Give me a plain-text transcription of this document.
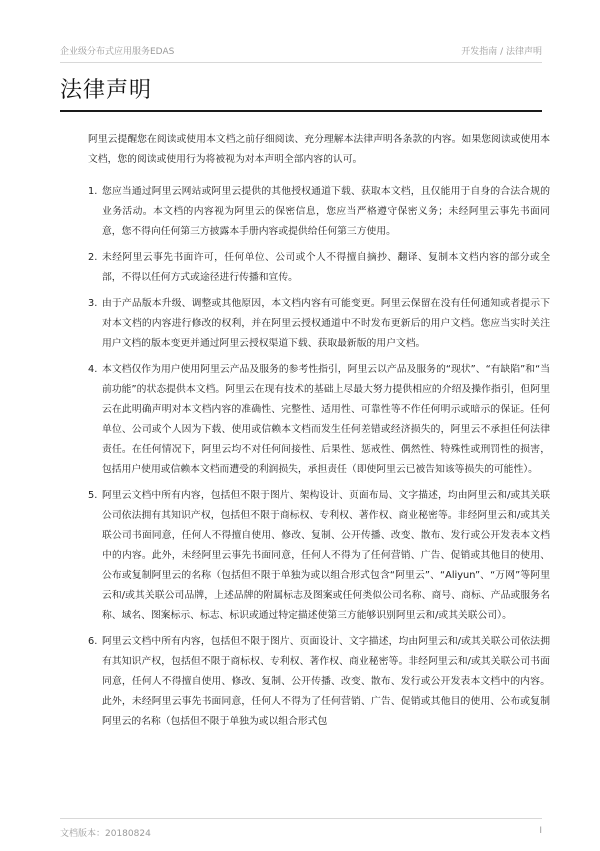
企业级分布式应用服务EDAS	开发指南 / 法律声明
法律声明

阿里云提醒您在阅读或使用本文档之前仔细阅读、充分理解本法律声明各条款的内容。如果您阅读或使用本文档，您的阅读或使用行为将被视为对本声明全部内容的认可。

1. 您应当通过阿里云网站或阿里云提供的其他授权通道下载、获取本文档，且仅能用于自身的合法合规的业务活动。本文档的内容视为阿里云的保密信息，您应当严格遵守保密义务；未经阿里云事先书面同意，您不得向任何第三方披露本手册内容或提供给任何第三方使用。
2. 未经阿里云事先书面许可，任何单位、公司或个人不得擅自摘抄、翻译、复制本文档内容的部分或全部，不得以任何方式或途径进行传播和宣传。
3. 由于产品版本升级、调整或其他原因，本文档内容有可能变更。阿里云保留在没有任何通知或者提示下对本文档的内容进行修改的权利，并在阿里云授权通道中不时发布更新后的用户文档。您应当实时关注用户文档的版本变更并通过阿里云授权渠道下载、获取最新版的用户文档。
4. 本文档仅作为用户使用阿里云产品及服务的参考性指引，阿里云以产品及服务的“现状”、“有缺陷”和“当前功能”的状态提供本文档。阿里云在现有技术的基础上尽最大努力提供相应的介绍及操作指引，但阿里云在此明确声明对本文档内容的准确性、完整性、适用性、可靠性等不作任何明示或暗示的保证。任何单位、公司或个人因为下载、使用或信赖本文档而发生任何差错或经济损失的，阿里云不承担任何法律责任。在任何情况下，阿里云均不对任何间接性、后果性、惩戒性、偶然性、特殊性或刑罚性的损害，包括用户使用或信赖本文档而遭受的利润损失，承担责任（即使阿里云已被告知该等损失的可能性）。
5. 阿里云文档中所有内容，包括但不限于图片、架构设计、页面布局、文字描述，均由阿里云和/或其关联公司依法拥有其知识产权，包括但不限于商标权、专利权、著作权、商业秘密等。非经阿里云和/或其关联公司书面同意，任何人不得擅自使用、修改、复制、公开传播、改变、散布、发行或公开发表本文档中的内容。此外，未经阿里云事先书面同意，任何人不得为了任何营销、广告、促销或其他目的使用、公布或复制阿里云的名称（包括但不限于单独为或以组合形式包含“阿里云”、“Aliyun”、“万网”等阿里云和/或其关联公司品牌，上述品牌的附属标志及图案或任何类似公司名称、商号、商标、产品或服务名称、域名、图案标示、标志、标识或通过特定描述使第三方能够识别阿里云和/或其关联公司）。
6. 阿里云文档中所有内容，包括但不限于图片、页面设计、文字描述，均由阿里云和/或其关联公司依法拥有其知识产权，包括但不限于商标权、专利权、著作权、商业秘密等。非经阿里云和/或其关联公司书面同意，任何人不得擅自使用、修改、复制、公开传播、改变、散布、发行或公开发表本文档中的内容。此外，未经阿里云事先书面同意，任何人不得为了任何营销、广告、促销或其他目的使用、公布或复制阿里云的名称（包括但不限于单独为或以组合形式包
文档版本：20180824	I
